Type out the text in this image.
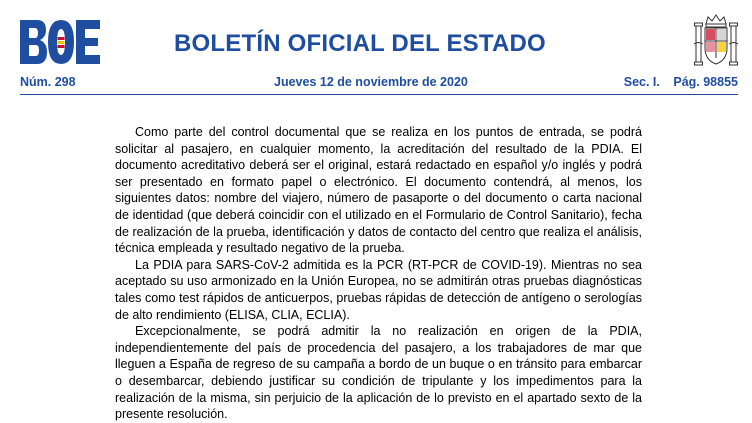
BOLETÍN OFICIAL DEL ESTADO
Núm. 298	Jueves 12 de noviembre de 2020	Sec. I. Pág. 98855

Como parte del control documental que se realiza en los puntos de entrada, se podrá solicitar al pasajero, en cualquier momento, la acreditación del resultado de la PDIA. El documento acreditativo deberá ser el original, estará redactado en español y/o inglés y podrá ser presentado en formato papel o electrónico. El documento contendrá, al menos, los siguientes datos: nombre del viajero, número de pasaporte o del documento o carta nacional de identidad (que deberá coincidir con el utilizado en el Formulario de Control Sanitario), fecha de realización de la prueba, identificación y datos de contacto del centro que realiza el análisis, técnica empleada y resultado negativo de la prueba.

La PDIA para SARS-CoV-2 admitida es la PCR (RT-PCR de COVID-19). Mientras no sea aceptado su uso armonizado en la Unión Europea, no se admitirán otras pruebas diagnósticas tales como test rápidos de anticuerpos, pruebas rápidas de detección de antígeno o serologías de alto rendimiento (ELISA, CLIA, ECLIA).

Excepcionalmente, se podrá admitir la no realización en origen de la PDIA, independientemente del país de procedencia del pasajero, a los trabajadores de mar que lleguen a España de regreso de su campaña a bordo de un buque o en tránsito para embarcar o desembarcar, debiendo justificar su condición de tripulante y los impedimentos para la realización de la misma, sin perjuicio de la aplicación de lo previsto en el apartado sexto de la presente resolución.
